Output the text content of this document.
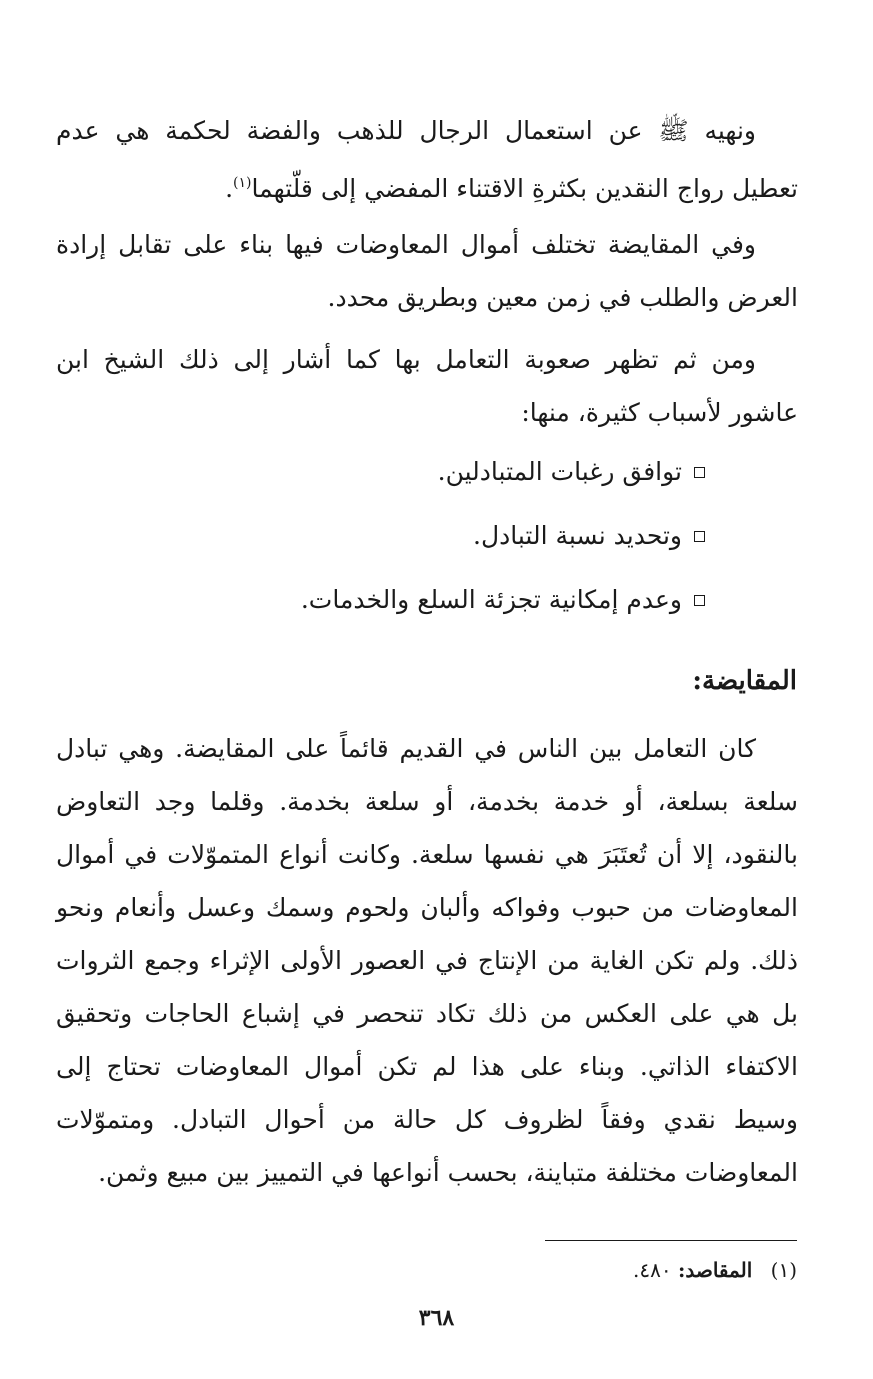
ونهيه ﷺ عن استعمال الرجال للذهب والفضة لحكمة هي عدم تعطيل رواج النقدين بكثرةِ الاقتناء المفضي إلى قلّتهما$^{(١)}$.

وفي المقايضة تختلف أموال المعاوضات فيها بناء على تقابل إرادة العرض والطلب في زمن معين وبطريق محدد.

ومن ثم تظهر صعوبة التعامل بها كما أشار إلى ذلك الشيخ ابن عاشور لأسباب كثيرة، منها:

توافق رغبات المتبادلين.
وتحديد نسبة التبادل.
وعدم إمكانية تجزئة السلع والخدمات.
المقايضة:

كان التعامل بين الناس في القديم قائماً على المقايضة. وهي تبادل سلعة بسلعة، أو خدمة بخدمة، أو سلعة بخدمة. وقلما وجد التعاوض بالنقود، إلا أن تُعتَبَرَ هي نفسها سلعة. وكانت أنواع المتموّلات في أموال المعاوضات من حبوب وفواكه وألبان ولحوم وسمك وعسل وأنعام ونحو ذلك. ولم تكن الغاية من الإنتاج في العصور الأولى الإثراء وجمع الثروات بل هي على العكس من ذلك تكاد تنحصر في إشباع الحاجات وتحقيق الاكتفاء الذاتي. وبناء على هذا لم تكن أموال المعاوضات تحتاج إلى وسيط نقدي وفقاً لظروف كل حالة من أحوال التبادل. ومتموّلات المعاوضات مختلفة متباينة، بحسب أنواعها في التمييز بين مبيع وثمن.

(١) المقاصد: ٤٨٠.

٣٦٨
